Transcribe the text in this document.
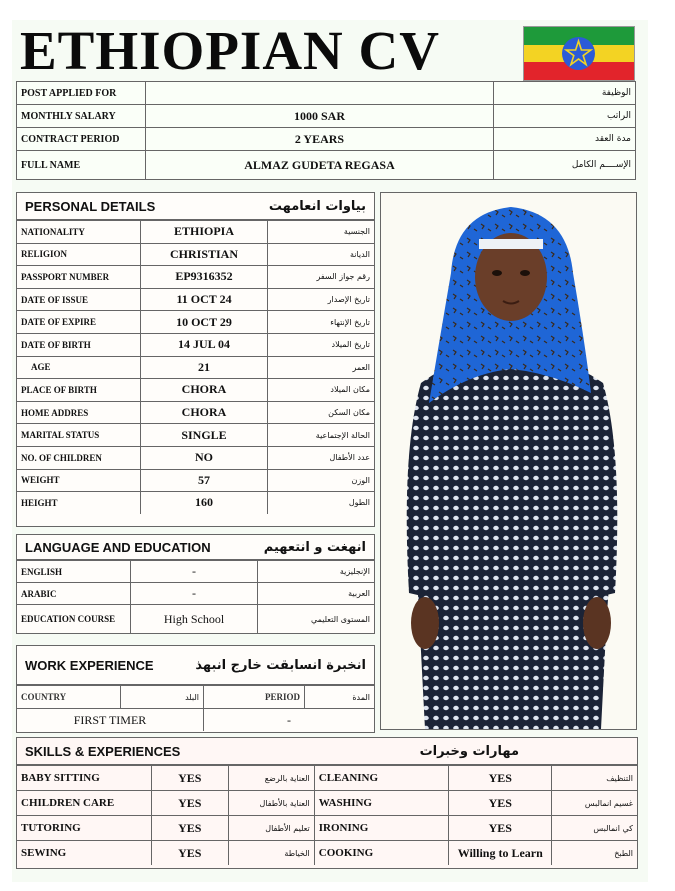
ETHIOPIAN CV
POST APPLIED FOR		الوظيفة
MONTHLY SALARY	1000 SAR	الراتب
CONTRACT PERIOD	2 YEARS	مدة العقد
FULL NAME	ALMAZ GUDETA REGASA	الإســــم الكامل
PERSONAL DETAILS	بياوات انعامهت
NATIONALITY	ETHIOPIA	الجنسية
RELIGION	CHRISTIAN	الديانة
PASSPORT NUMBER	EP9316352	رقم جواز السفر
DATE OF ISSUE	11 OCT 24	تاريخ الإصدار
DATE OF EXPIRE	10 OCT 29	تاريخ الإنتهاء
DATE OF BIRTH	14 JUL 04	تاريخ الميلاد
AGE	21	العمر
PLACE OF BIRTH	CHORA	مكان الميلاد
HOME ADDRES	CHORA	مكان السكن
MARITAL STATUS	SINGLE	الحالة الإجتماعية
NO. OF CHILDREN	NO	عدد الأطفال
WEIGHT	57	الوزن
HEIGHT	160	الطول
LANGUAGE AND EDUCATION	انهغت و انتعهيم
ENGLISH	-	الإنجليزية
ARABIC	-	العربية
EDUCATION COURSE	High School	المستوى التعليمي
WORK EXPERIENCE	انخبرة انسابقت خارج انبهذ
COUNTRY	البلد	PERIOD	المدة
FIRST TIMER		-	
SKILLS & EXPERIENCES	مهارات وخبرات
BABY SITTING	YES	العناية بالرضع	CLEANING	YES	التنظيف
CHILDREN CARE	YES	العناية بالأطفال	WASHING	YES	غسيم انمالبس
TUTORING	YES	تعليم الأطفال	IRONING	YES	كي انمالبس
SEWING	YES	الخياطة	COOKING	Willing to Learn	الطبخ
